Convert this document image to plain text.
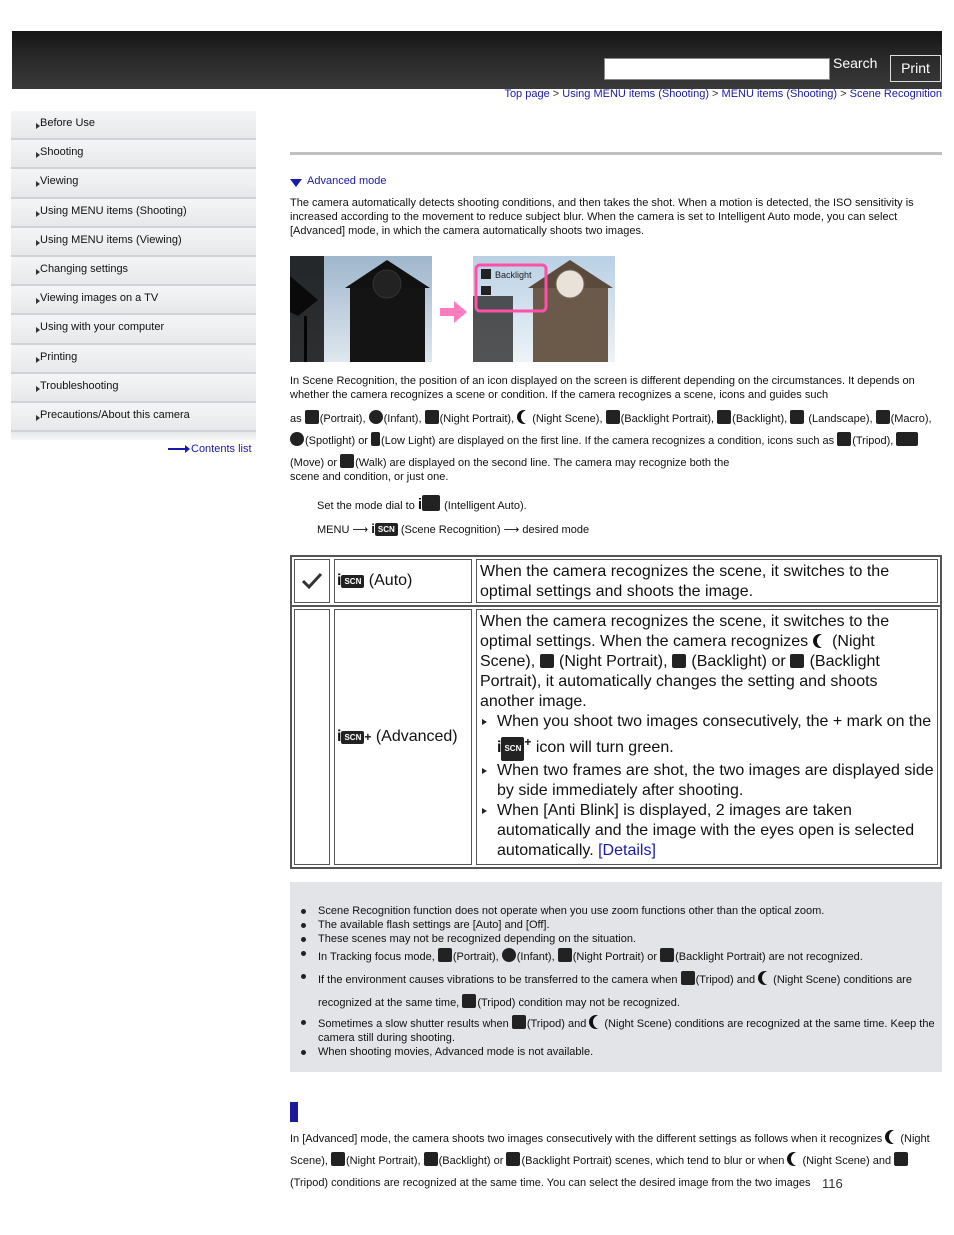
Search	Print
Top page > Using MENU items (Shooting) > MENU items (Shooting) > Scene Recognition
Before Use
Shooting
Viewing
Using MENU items (Shooting)
Using MENU items (Viewing)
Changing settings
Viewing images on a TV
Using with your computer
Printing
Troubleshooting
Precautions/About this camera
Contents list
Advanced mode
The camera automatically detects shooting conditions, and then takes the shot. When a motion is detected, the ISO sensitivity is increased according to the movement to reduce subject blur. When the camera is set to Intelligent Auto mode, you can select [Advanced] mode, in which the camera automatically shoots two images.
Backlight
In Scene Recognition, the position of an icon displayed on the screen is different depending on the circumstances. It depends on whether the camera recognizes a scene or condition. If the camera recognizes a scene, icons and guides such
as (Portrait), (Infant), (Night Portrait), (Night Scene), (Backlight Portrait), (Backlight), (Landscape), (Macro), (Spotlight) or (Low Light) are displayed on the first line. If the camera recognizes a condition, icons such as (Tripod), (Move) or (Walk) are displayed on the second line. The camera may recognize both the
scene and condition, or just one.
Set the mode dial to i (Intelligent Auto).
MENU ⟶ i SCN (Scene Recognition) ⟶ desired mode
i SCN
(Auto)
When the camera recognizes the scene, it switches to the optimal settings and shoots the image.
i SCN +
(Advanced)
When the camera recognizes the scene, it switches to the optimal settings. When the camera recognizes (Night Scene), (Night Portrait), (Backlight) or (Backlight Portrait), it automatically changes the setting and shoots another image.
When you shoot two images consecutively, the + mark on the i SCN + icon will turn green.
When two frames are shot, the two images are displayed side by side immediately after shooting.
When [Anti Blink] is displayed, 2 images are taken automatically and the image with the eyes open is selected automatically. [Details]
Scene Recognition function does not operate when you use zoom functions other than the optical zoom.
The available flash settings are [Auto] and [Off].
These scenes may not be recognized depending on the situation.
In Tracking focus mode, (Portrait), (Infant), (Night Portrait) or (Backlight Portrait) are not recognized.
If the environment causes vibrations to be transferred to the camera when (Tripod) and (Night Scene) conditions are recognized at the same time, (Tripod) condition may not be recognized.
Sometimes a slow shutter results when (Tripod) and (Night Scene) conditions are recognized at the same time. Keep the camera still during shooting.
When shooting movies, Advanced mode is not available.
In [Advanced] mode, the camera shoots two images consecutively with the different settings as follows when it recognizes (Night Scene), (Night Portrait), (Backlight) or (Backlight Portrait) scenes, which tend to blur or when (Night Scene) and (Tripod) conditions are recognized at the same time. You can select the desired image from the two images 116
